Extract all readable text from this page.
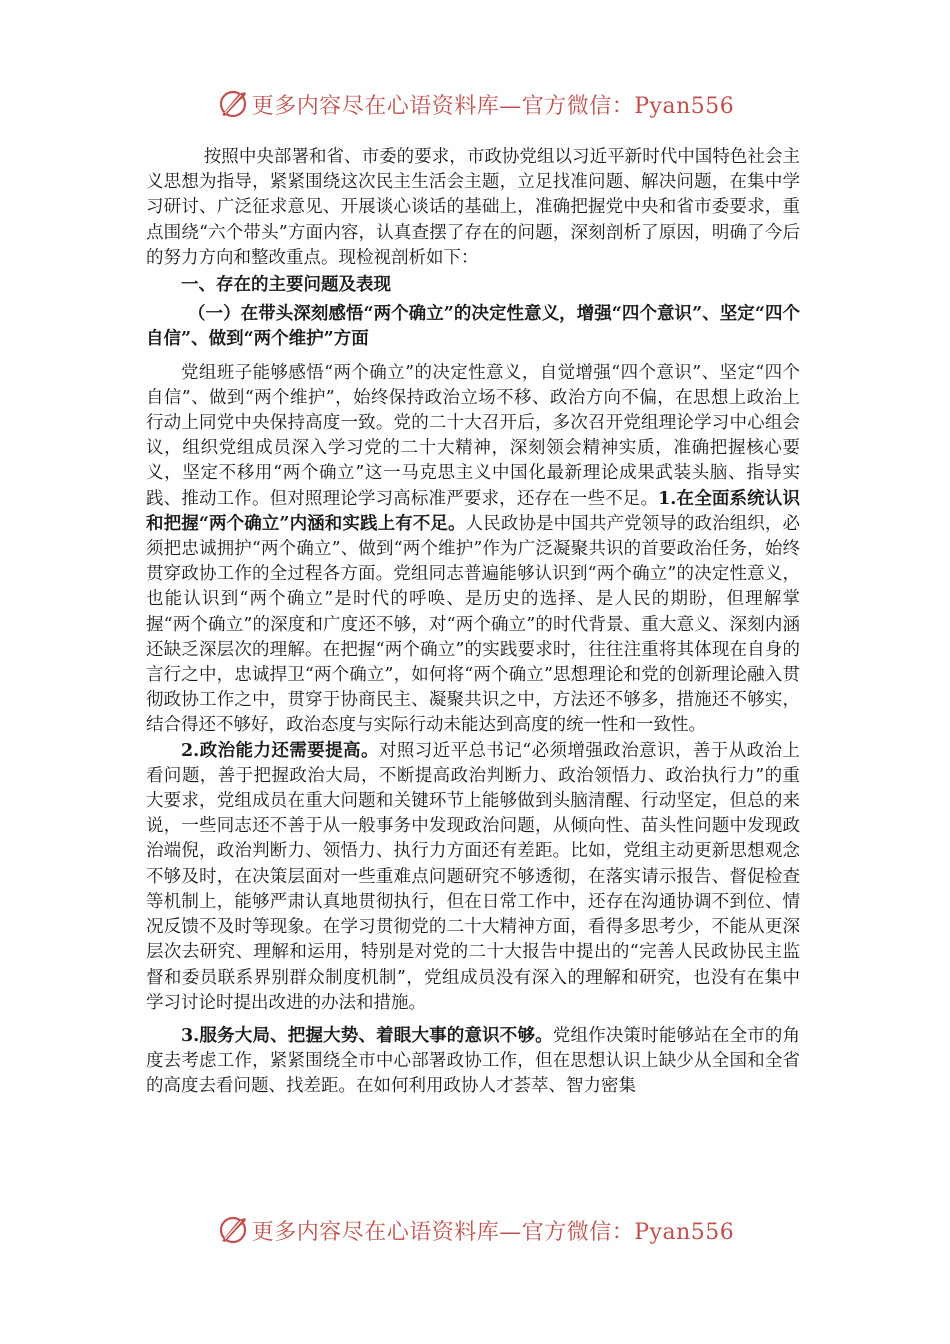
更多内容尽在心语资料库—官方微信：Pyan556

按照中央部署和省、市委的要求，市政协党组以习近平新时代中国特色社会主义思想为指导，紧紧围绕这次民主生活会主题，立足找准问题、解决问题，在集中学习研讨、广泛征求意见、开展谈心谈话的基础上，准确把握党中央和省市委要求，重点围绕“六个带头”方面内容，认真查摆了存在的问题，深刻剖析了原因，明确了今后的努力方向和整改重点。现检视剖析如下：

一、存在的主要问题及表现

（一）在带头深刻感悟“两个确立”的决定性意义，增强“四个意识”、坚定“四个自信”、做到“两个维护”方面

党组班子能够感悟“两个确立”的决定性意义，自觉增强“四个意识”、坚定“四个自信”、做到“两个维护”，始终保持政治立场不移、政治方向不偏，在思想上政治上行动上同党中央保持高度一致。党的二十大召开后，多次召开党组理论学习中心组会议，组织党组成员深入学习党的二十大精神，深刻领会精神实质，准确把握核心要义，坚定不移用“两个确立”这一马克思主义中国化最新理论成果武装头脑、指导实践、推动工作。但对照理论学习高标准严要求，还存在一些不足。1.在全面系统认识和把握“两个确立”内涵和实践上有不足。人民政协是中国共产党领导的政治组织，必须把忠诚拥护“两个确立”、做到“两个维护”作为广泛凝聚共识的首要政治任务，始终贯穿政协工作的全过程各方面。党组同志普遍能够认识到“两个确立”的决定性意义，也能认识到“两个确立”是时代的呼唤、是历史的选择、是人民的期盼，但理解掌握“两个确立”的深度和广度还不够，对“两个确立”的时代背景、重大意义、深刻内涵还缺乏深层次的理解。在把握“两个确立”的实践要求时，往往注重将其体现在自身的言行之中，忠诚捍卫“两个确立”，如何将“两个确立”思想理论和党的创新理论融入贯彻政协工作之中，贯穿于协商民主、凝聚共识之中，方法还不够多，措施还不够实，结合得还不够好，政治态度与实际行动未能达到高度的统一性和一致性。

2.政治能力还需要提高。对照习近平总书记“必须增强政治意识，善于从政治上看问题，善于把握政治大局，不断提高政治判断力、政治领悟力、政治执行力”的重大要求，党组成员在重大问题和关键环节上能够做到头脑清醒、行动坚定，但总的来说，一些同志还不善于从一般事务中发现政治问题，从倾向性、苗头性问题中发现政治端倪，政治判断力、领悟力、执行力方面还有差距。比如，党组主动更新思想观念不够及时，在决策层面对一些重难点问题研究不够透彻，在落实请示报告、督促检查等机制上，能够严肃认真地贯彻执行，但在日常工作中，还存在沟通协调不到位、情况反馈不及时等现象。在学习贯彻党的二十大精神方面，看得多思考少，不能从更深层次去研究、理解和运用，特别是对党的二十大报告中提出的“完善人民政协民主监督和委员联系界别群众制度机制”，党组成员没有深入的理解和研究，也没有在集中学习讨论时提出改进的办法和措施。

3.服务大局、把握大势、着眼大事的意识不够。党组作决策时能够站在全市的角度去考虑工作，紧紧围绕全市中心部署政协工作，但在思想认识上缺少从全国和全省的高度去看问题、找差距。在如何利用政协人才荟萃、智力密集

更多内容尽在心语资料库—官方微信：Pyan556
